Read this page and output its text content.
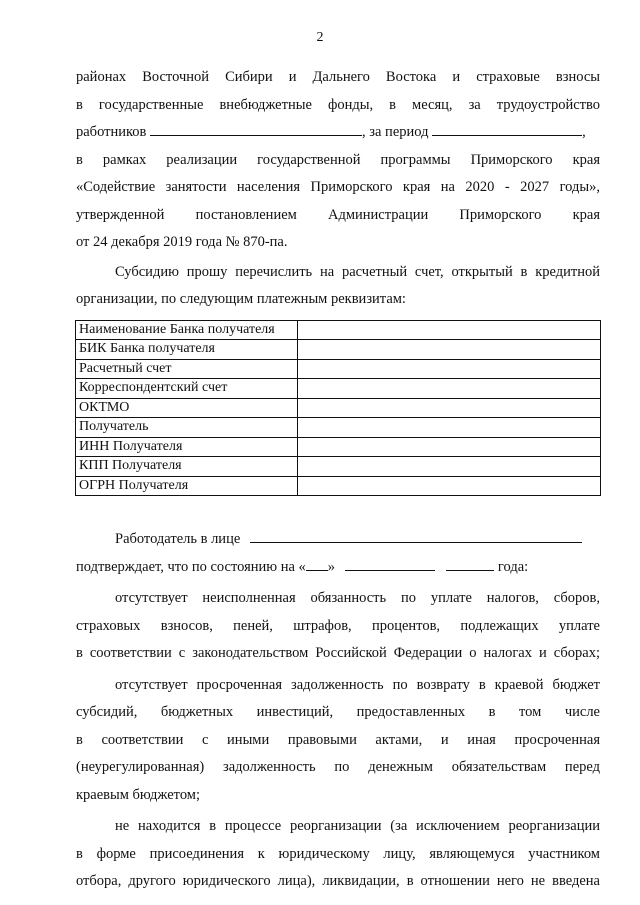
2

районах Восточной Сибири и Дальнего Востока и страховые взносы

в государственные внебюджетные фонды, в месяц, за трудоустройство

работников	, за период	,

в рамках реализации государственной программы Приморского края

«Содействие занятости населения Приморского края на 2020 - 2027 годы»,

утвержденной постановлением Администрации Приморского края

от 24 декабря 2019 года № 870-па.

Субсидию прошу перечислить на расчетный счет, открытый в кредитной

организации, по следующим платежным реквизитам:

Наименование Банка получателя	
БИК Банка получателя	
Расчетный счет	
Корреспондентский счет	
ОКТМО	
Получатель	
ИНН Получателя	
КПП Получателя	
ОГРН Получателя	

Работодатель в лице

подтверждает, что по состоянию на « »	года:

отсутствует неисполненная обязанность по уплате налогов, сборов,

страховых взносов, пеней, штрафов, процентов, подлежащих уплате

в соответствии с законодательством Российской Федерации о налогах и сборах;

отсутствует просроченная задолженность по возврату в краевой бюджет

субсидий, бюджетных инвестиций, предоставленных в том числе

в соответствии с иными правовыми актами, и иная просроченная

(неурегулированная) задолженность по денежным обязательствам перед

краевым бюджетом;

не находится в процессе реорганизации (за исключением реорганизации

в форме присоединения к юридическому лицу, являющемуся участником

отбора, другого юридического лица), ликвидации, в отношении него не введена
